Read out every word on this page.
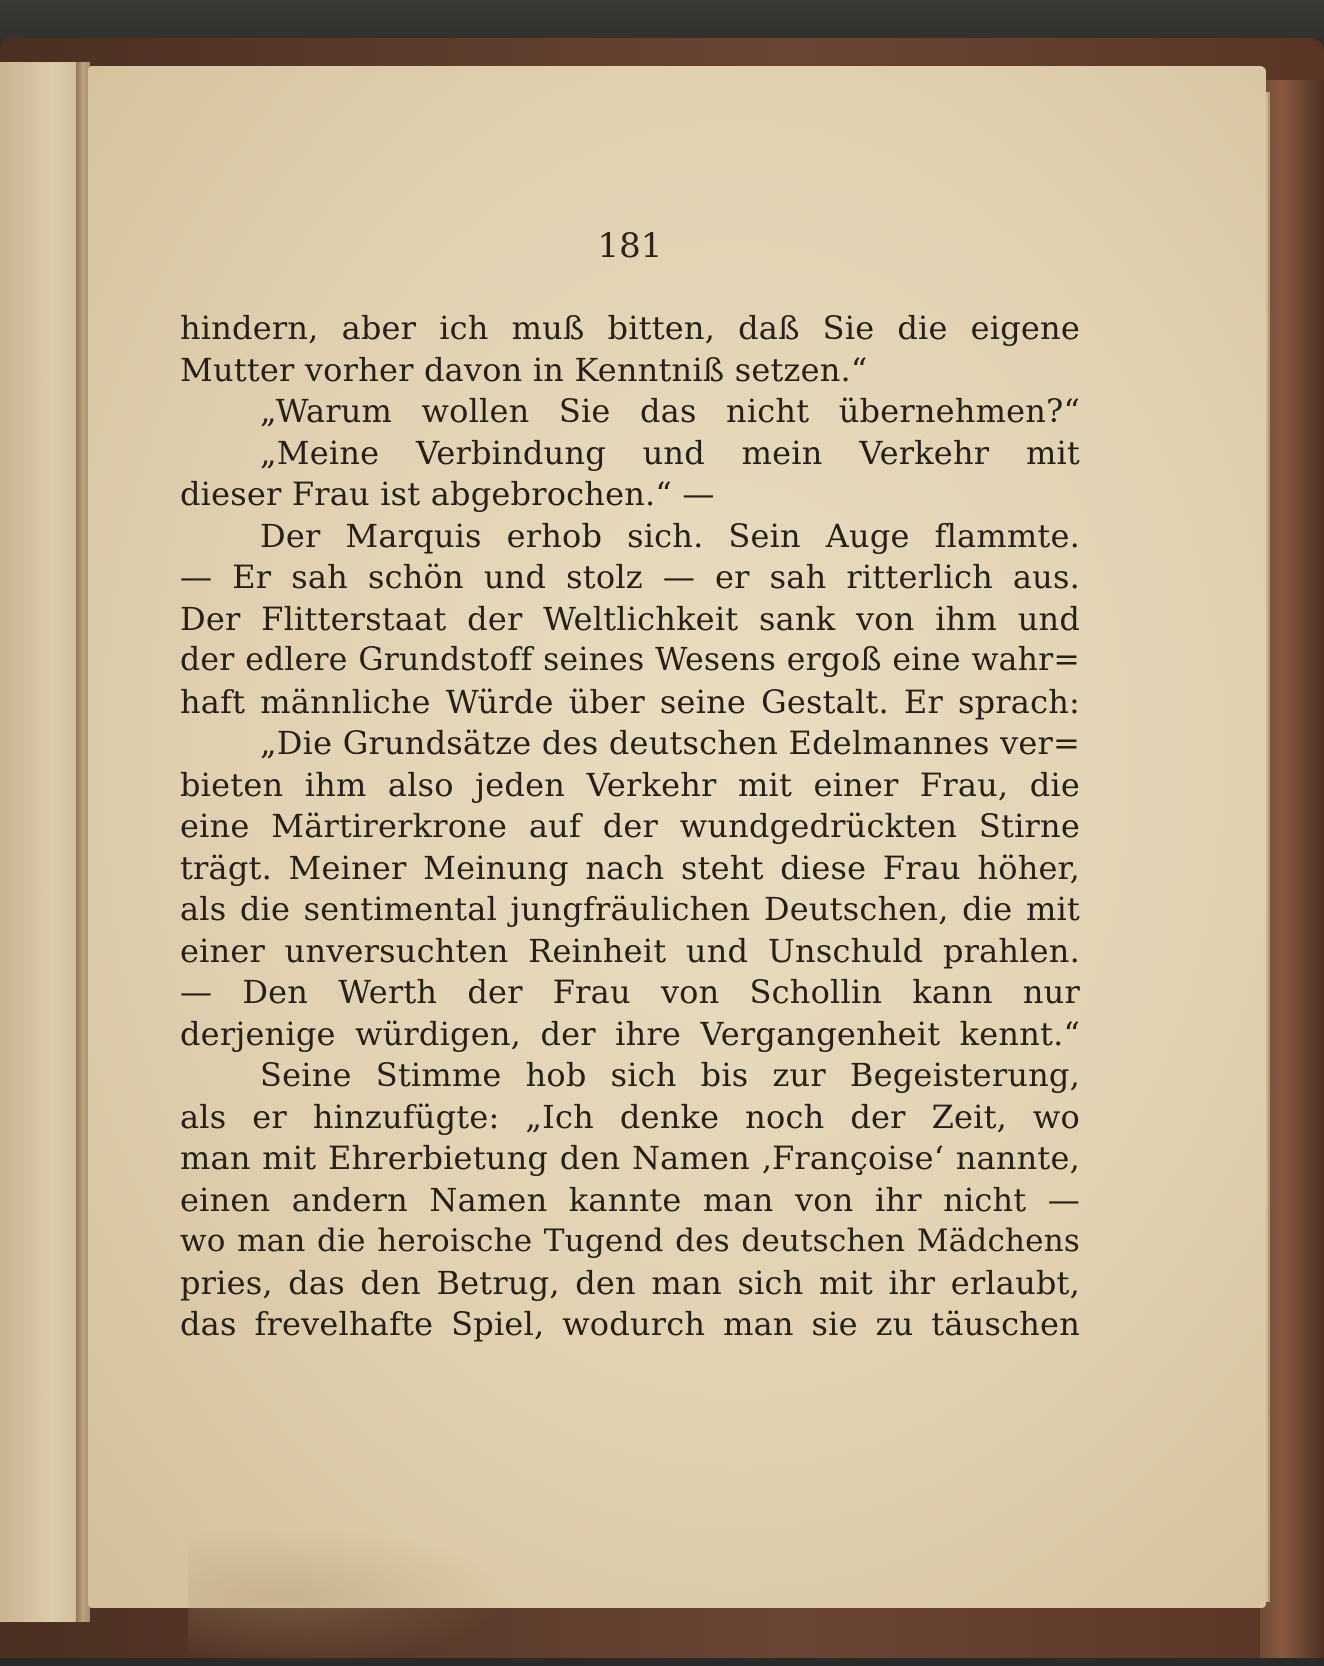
181
hindern, aber ich muß bitten, daß Sie die eigene
Mutter vorher davon in Kenntniß setzen.“
„Warum wollen Sie das nicht übernehmen?“
„Meine Verbindung und mein Verkehr mit
dieser Frau ist abgebrochen.“ —
Der Marquis erhob sich. Sein Auge flammte.
— Er sah schön und stolz — er sah ritterlich aus.
Der Flitterstaat der Weltlichkeit sank von ihm und
der edlere Grundstoff seines Wesens ergoß eine wahr=
haft männliche Würde über seine Gestalt. Er sprach:
„Die Grundsätze des deutschen Edelmannes ver=
bieten ihm also jeden Verkehr mit einer Frau, die
eine Märtirerkrone auf der wundgedrückten Stirne
trägt. Meiner Meinung nach steht diese Frau höher,
als die sentimental jungfräulichen Deutschen, die mit
einer unversuchten Reinheit und Unschuld prahlen.
— Den Werth der Frau von Schollin kann nur
derjenige würdigen, der ihre Vergangenheit kennt.“
Seine Stimme hob sich bis zur Begeisterung,
als er hinzufügte: „Ich denke noch der Zeit, wo
man mit Ehrerbietung den Namen ‚Françoise‘ nannte,
einen andern Namen kannte man von ihr nicht —
wo man die heroische Tugend des deutschen Mädchens
pries, das den Betrug, den man sich mit ihr erlaubt,
das frevelhafte Spiel, wodurch man sie zu täuschen
